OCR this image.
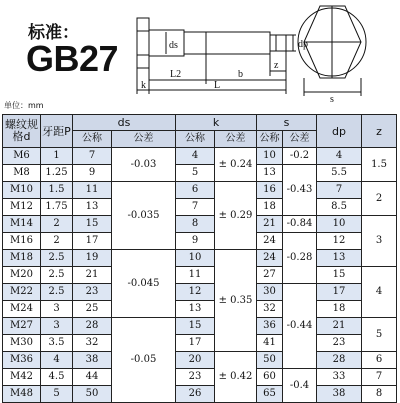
标准：
GB27	ds	dp
L2	b
z
k	L
s
单位：mm
螺纹规格d	牙距P	ds		k		s		dp	z
		公称	公差	公称	公差	公称	公差		
M6	1	7	-0.03	4	± 0.24	10	-0.2	4	1.5
M8	1.25	9		5		13	-0.43	5.5	
M10	1.5	11	-0.035	6	± 0.29	16		7	2
M12	1.75	13		7		18		8.5	
M14	2	15		8		21	-0.84	10	3
M16	2	17		9		24	-0.28	12	
M18	2.5	19	-0.045	10	± 0.35	24		13	
M20	2.5	21		11		27		15	4
M22	2.5	23		12		30	-0.44	17	
M24	3	25		13		32		18	
M27	3	28	-0.05	15		36		21	5
M30	3.5	32		17		41		23	
M36	4	38		20	± 0.42	50		28	6
M42	4.5	44		23		60	-0.4	33	7
M48	5	50		26		65		38	8
